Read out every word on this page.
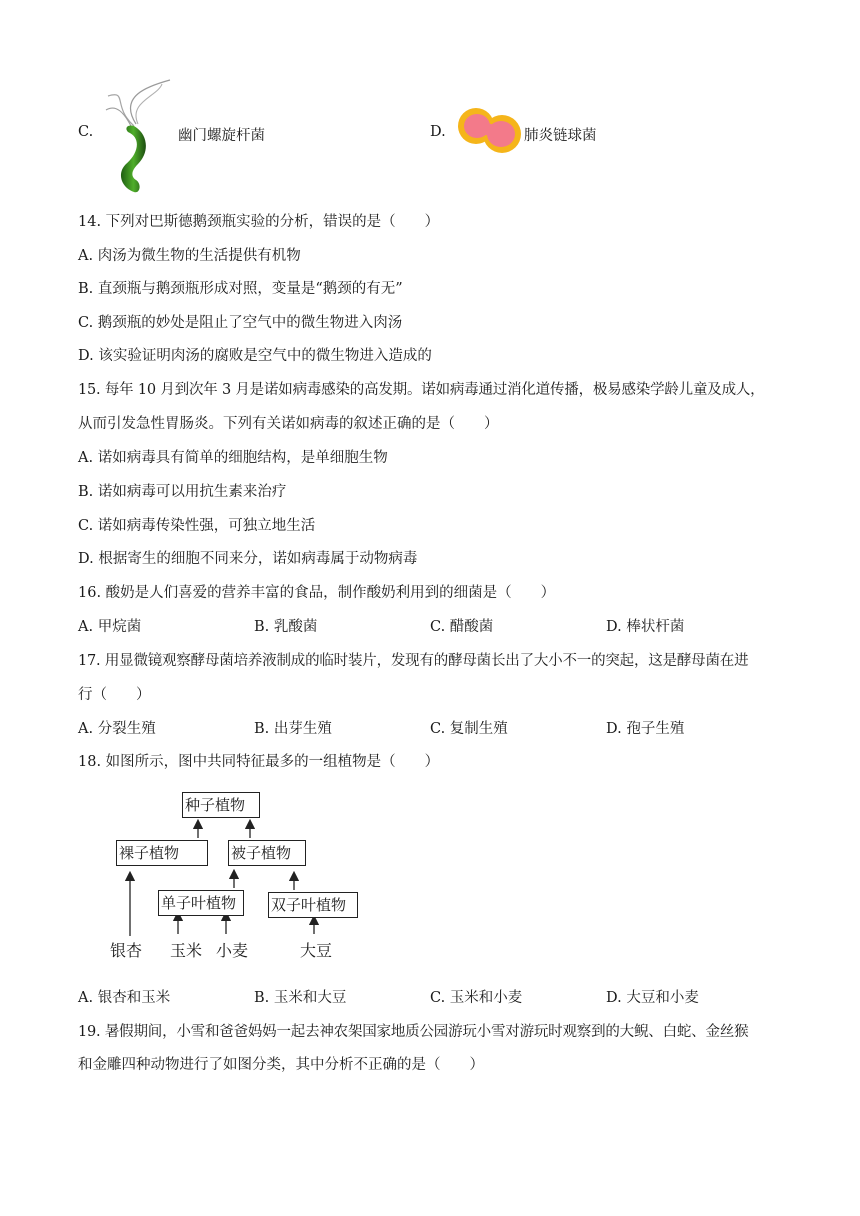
C.	幽门螺旋杆菌	D.	肺炎链球菌
14. 下列对巴斯德鹅颈瓶实验的分析，错误的是（　　）
A. 肉汤为微生物的生活提供有机物
B. 直颈瓶与鹅颈瓶形成对照，变量是“鹅颈的有无”
C. 鹅颈瓶的妙处是阻止了空气中的微生物进入肉汤
D. 该实验证明肉汤的腐败是空气中的微生物进入造成的
15. 每年 10 月到次年 3 月是诺如病毒感染的高发期。诺如病毒通过消化道传播，极易感染学龄儿童及成人，
从而引发急性胃肠炎。下列有关诺如病毒的叙述正确的是（　　）
A. 诺如病毒具有简单的细胞结构，是单细胞生物
B. 诺如病毒可以用抗生素来治疗
C. 诺如病毒传染性强，可独立地生活
D. 根据寄生的细胞不同来分，诺如病毒属于动物病毒
16. 酸奶是人们喜爱的营养丰富的食品，制作酸奶利用到的细菌是（　　）
A. 甲烷菌	B. 乳酸菌	C. 醋酸菌	D. 棒状杆菌
17. 用显微镜观察酵母菌培养液制成的临时装片，发现有的酵母菌长出了大小不一的突起，这是酵母菌在进
行（　　）
A. 分裂生殖	B. 出芽生殖	C. 复制生殖	D. 孢子生殖
18. 如图所示，图中共同特征最多的一组植物是（　　）
种子植物
裸子植物	被子植物
单子叶植物	双子叶植物
银杏 玉米 小麦	大豆
A. 银杏和玉米	B. 玉米和大豆	C. 玉米和小麦	D. 大豆和小麦
19. 暑假期间，小雪和爸爸妈妈一起去神农架国家地质公园游玩小雪对游玩时观察到的大鲵、白蛇、金丝猴
和金雕四种动物进行了如图分类，其中分析不正确的是（　　）
